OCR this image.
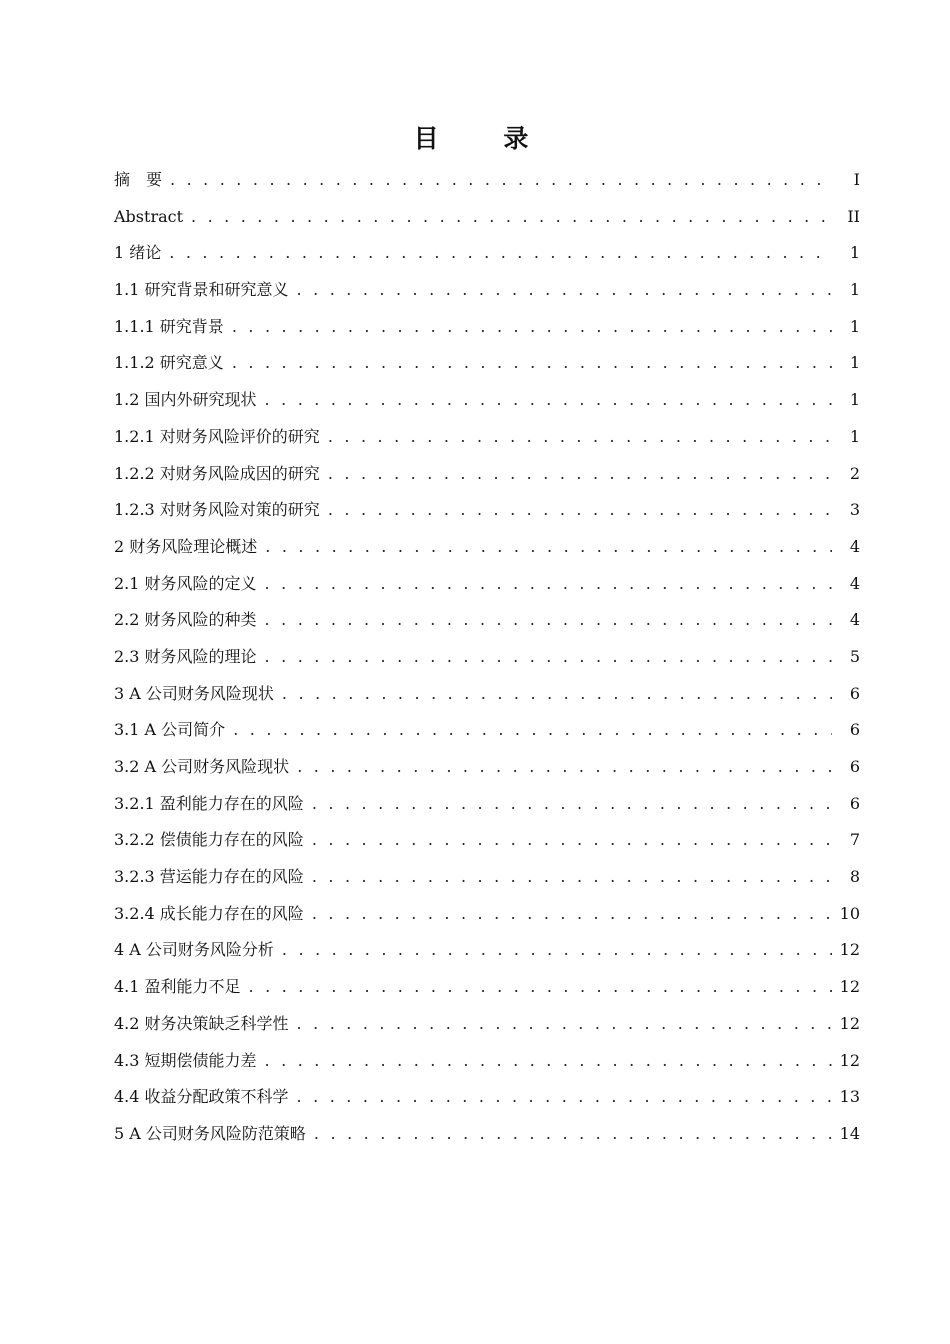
目 录
摘　要 . . .	I
Abstract . . .	II
1 绪论 . . .	1
1.1 研究背景和研究意义 . . .	1
1.1.1 研究背景 . . .	1
1.1.2 研究意义 . . .	1
1.2 国内外研究现状 . . .	1
1.2.1 对财务风险评价的研究 . . .	1
1.2.2 对财务风险成因的研究 . . .	2
1.2.3 对财务风险对策的研究 . . .	3
2 财务风险理论概述 . . .	4
2.1 财务风险的定义 . . .	4
2.2 财务风险的种类 . . .	4
2.3 财务风险的理论 . . .	5
3 A 公司财务风险现状 . . .	6
3.1 A 公司简介 . . .	6
3.2 A 公司财务风险现状 . . .	6
3.2.1 盈利能力存在的风险 . . .	6
3.2.2 偿债能力存在的风险 . . .	7
3.2.3 营运能力存在的风险 . . .	8
3.2.4 成长能力存在的风险 . . .	10
4 A 公司财务风险分析 . . .	12
4.1 盈利能力不足 . . .	12
4.2 财务决策缺乏科学性 . . .	12
4.3 短期偿债能力差 . . .	12
4.4 收益分配政策不科学 . . .	13
5 A 公司财务风险防范策略 . . .	14
